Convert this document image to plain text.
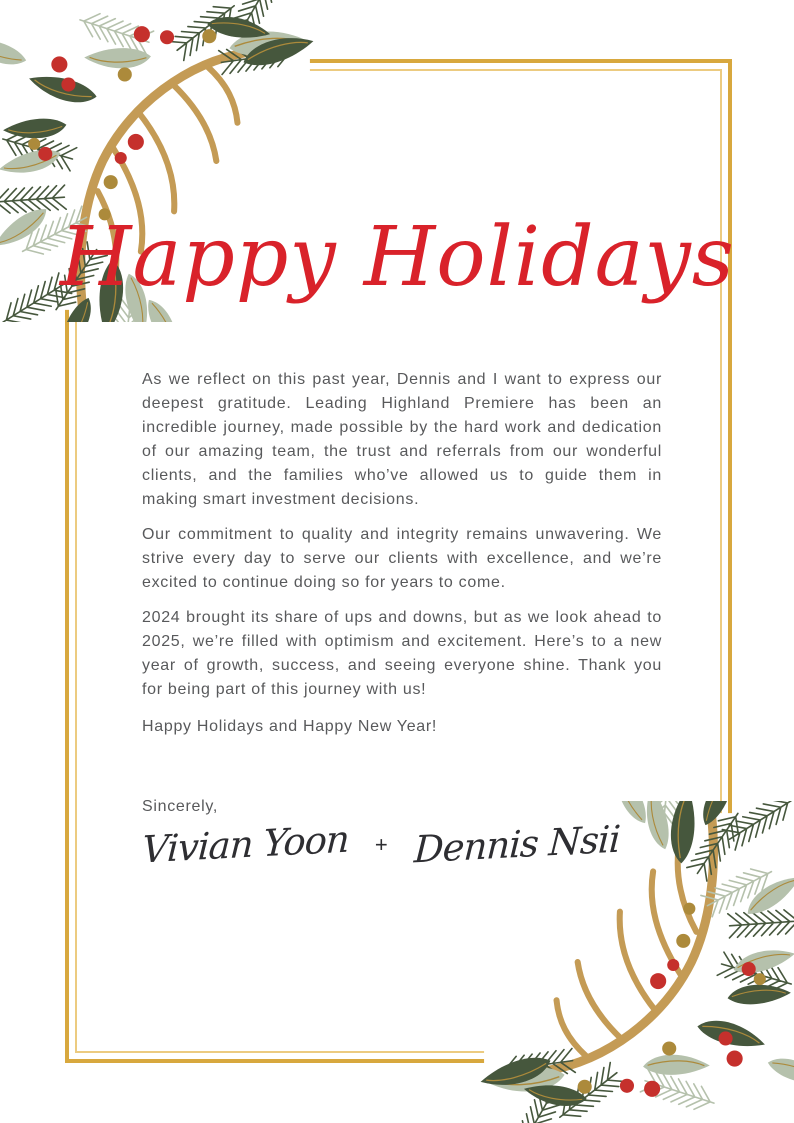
Happy Holidays

As we reflect on this past year, Dennis and I want to express our deepest gratitude. Leading Highland Premiere has been an incredible journey, made possible by the hard work and dedication of our amazing team, the trust and referrals from our wonderful clients, and the families who’ve allowed us to guide them in making smart investment decisions.

Our commitment to quality and integrity remains unwavering. We strive every day to serve our clients with excellence, and we’re excited to continue doing so for years to come.

2024 brought its share of ups and downs, but as we look ahead to 2025, we’re filled with optimism and excitement. Here’s to a new year of growth, success, and seeing everyone shine. Thank you for being part of this journey with us!

Happy Holidays and Happy New Year!
Sincerely,
Vivian Yoon + Dennis Nsii
